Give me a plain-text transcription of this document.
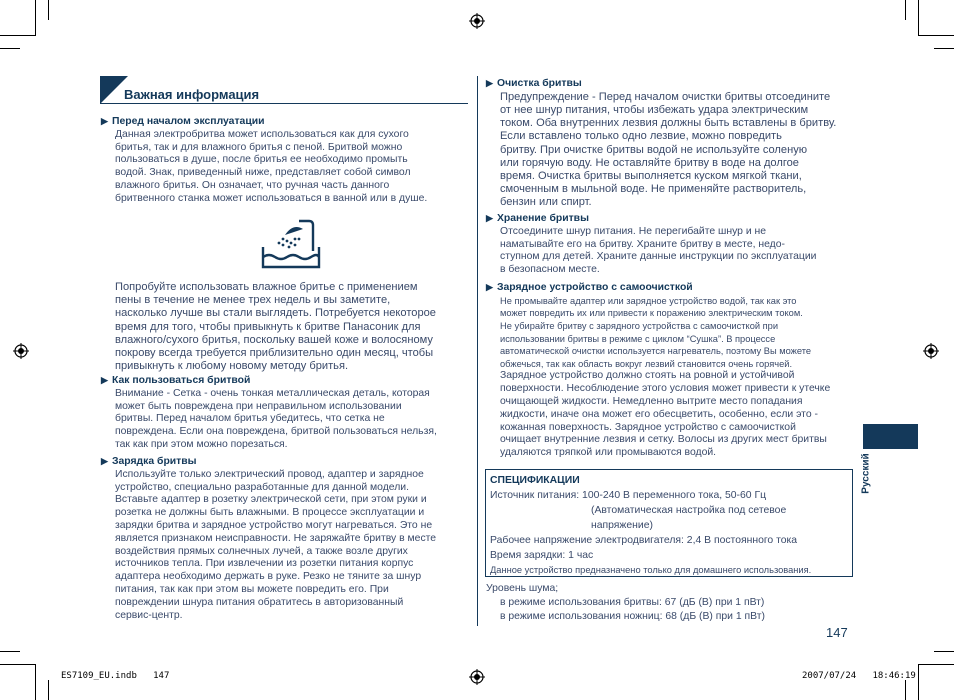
Важная информация
▶ Перед началом эксплуатации
Данная электробритва может использоваться как для сухого
бритья, так и для влажного бритья с пеной. Бритвой можно
пользоваться в душе, после бритья ее необходимо промыть
водой. Знак, приведенный ниже, представляет собой символ
влажного бритья. Он означает, что ручная часть данного
бритвенного станка может использоваться в ванной или в душе.
Попробуйте использовать влажное бритье с применением
пены в течение не менее трех недель и вы заметите,
насколько лучше вы стали выглядеть. Потребуется некоторое
время для того, чтобы привыкнуть к бритве Панасоник для
влажного/сухого бритья, поскольку вашей коже и волосяному
покрову всегда требуется приблизительно один месяц, чтобы
привыкнуть к любому новому методу бритья.
▶ Как пользоваться бритвой
Внимание - Сетка - очень тонкая металлическая деталь, которая
может быть повреждена при неправильном использовании
бритвы. Перед началом бритья убедитесь, что сетка не
повреждена. Если она повреждена, бритвой пользоваться нельзя,
так как при этом можно порезаться.
▶ Зарядка бритвы
Используйте только электрический провод, адаптер и зарядное
устройство, специально разработанные для данной модели.
Вставьте адаптер в розетку электрической сети, при этом руки и
розетка не должны быть влажными. В процессе эксплуатации и
зарядки бритва и зарядное устройство могут нагреваться. Это не
является признаком неисправности. Не заряжайте бритву в месте
воздействия прямых солнечных лучей, а также возле других
источников тепла. При извлечении из розетки питания корпус
адаптера необходимо держать в руке. Резко не тяните за шнур
питания, так как при этом вы можете повредить его. При
повреждении шнура питания обратитесь в авторизованный
сервис-центр.
▶ Очистка бритвы
Предупреждение - Перед началом очистки бритвы отсоедините
от нее шнур питания, чтобы избежать удара электрическим
током. Оба внутренних лезвия должны быть вставлены в бритву.
Если вставлено только одно лезвие, можно повредить
бритву. При очистке бритвы водой не используйте соленую
или горячую воду. Не оставляйте бритву в воде на долгое
время. Очистка бритвы выполняется куском мягкой ткани,
смоченным в мыльной воде. Не применяйте растворитель,
бензин или спирт.
▶ Хранение бритвы
Отсоедините шнур питания. Не перегибайте шнур и не
наматывайте его на бритву. Храните бритву в месте, недо-
ступном для детей. Храните данные инструкции по эксплуатации
в безопасном месте.
▶ Зарядное устройство с самоочисткой
Не промывайте адаптер или зарядное устройство водой, так как это
может повредить их или привести к поражению электрическим током.
Не убирайте бритву с зарядного устройства с самоочисткой при
использовании бритвы в режиме с циклом “Сушка”. В процессе
автоматической очистки используется нагреватель, поэтому Вы можете
обжечься, так как область вокруг лезвий становится очень горячей.
Зарядное устройство должно стоять на ровной и устойчивой
поверхности. Несоблюдение этого условия может привести к утечке
очищающей жидкости. Немедленно вытрите место попадания
жидкости, иначе она может его обесцветить, особенно, если это -
кожанная поверхность. Зарядное устройство с самоочисткой
очищает внутренние лезвия и сетку. Волосы из других мест бритвы
удаляются тряпкой или промываются водой.
СПЕЦИФИКАЦИИ
Источник питания: 100-240 В переменного тока, 50-60 Гц
(Автоматическая настройка под сетевое
напряжение)
Рабочее напряжение электродвигателя: 2,4 В постоянного тока
Время зарядки: 1 час
Данное устройство предназначено только для домашнего использования.
Уровень шума;
в режиме использования бритвы: 67 (дБ (В) при 1 пВт)
в режиме использования ножниц: 68 (дБ (В) при 1 пВт)
147
Русский
ES7109_EU.indb   147	2007/07/24   18:46:19
